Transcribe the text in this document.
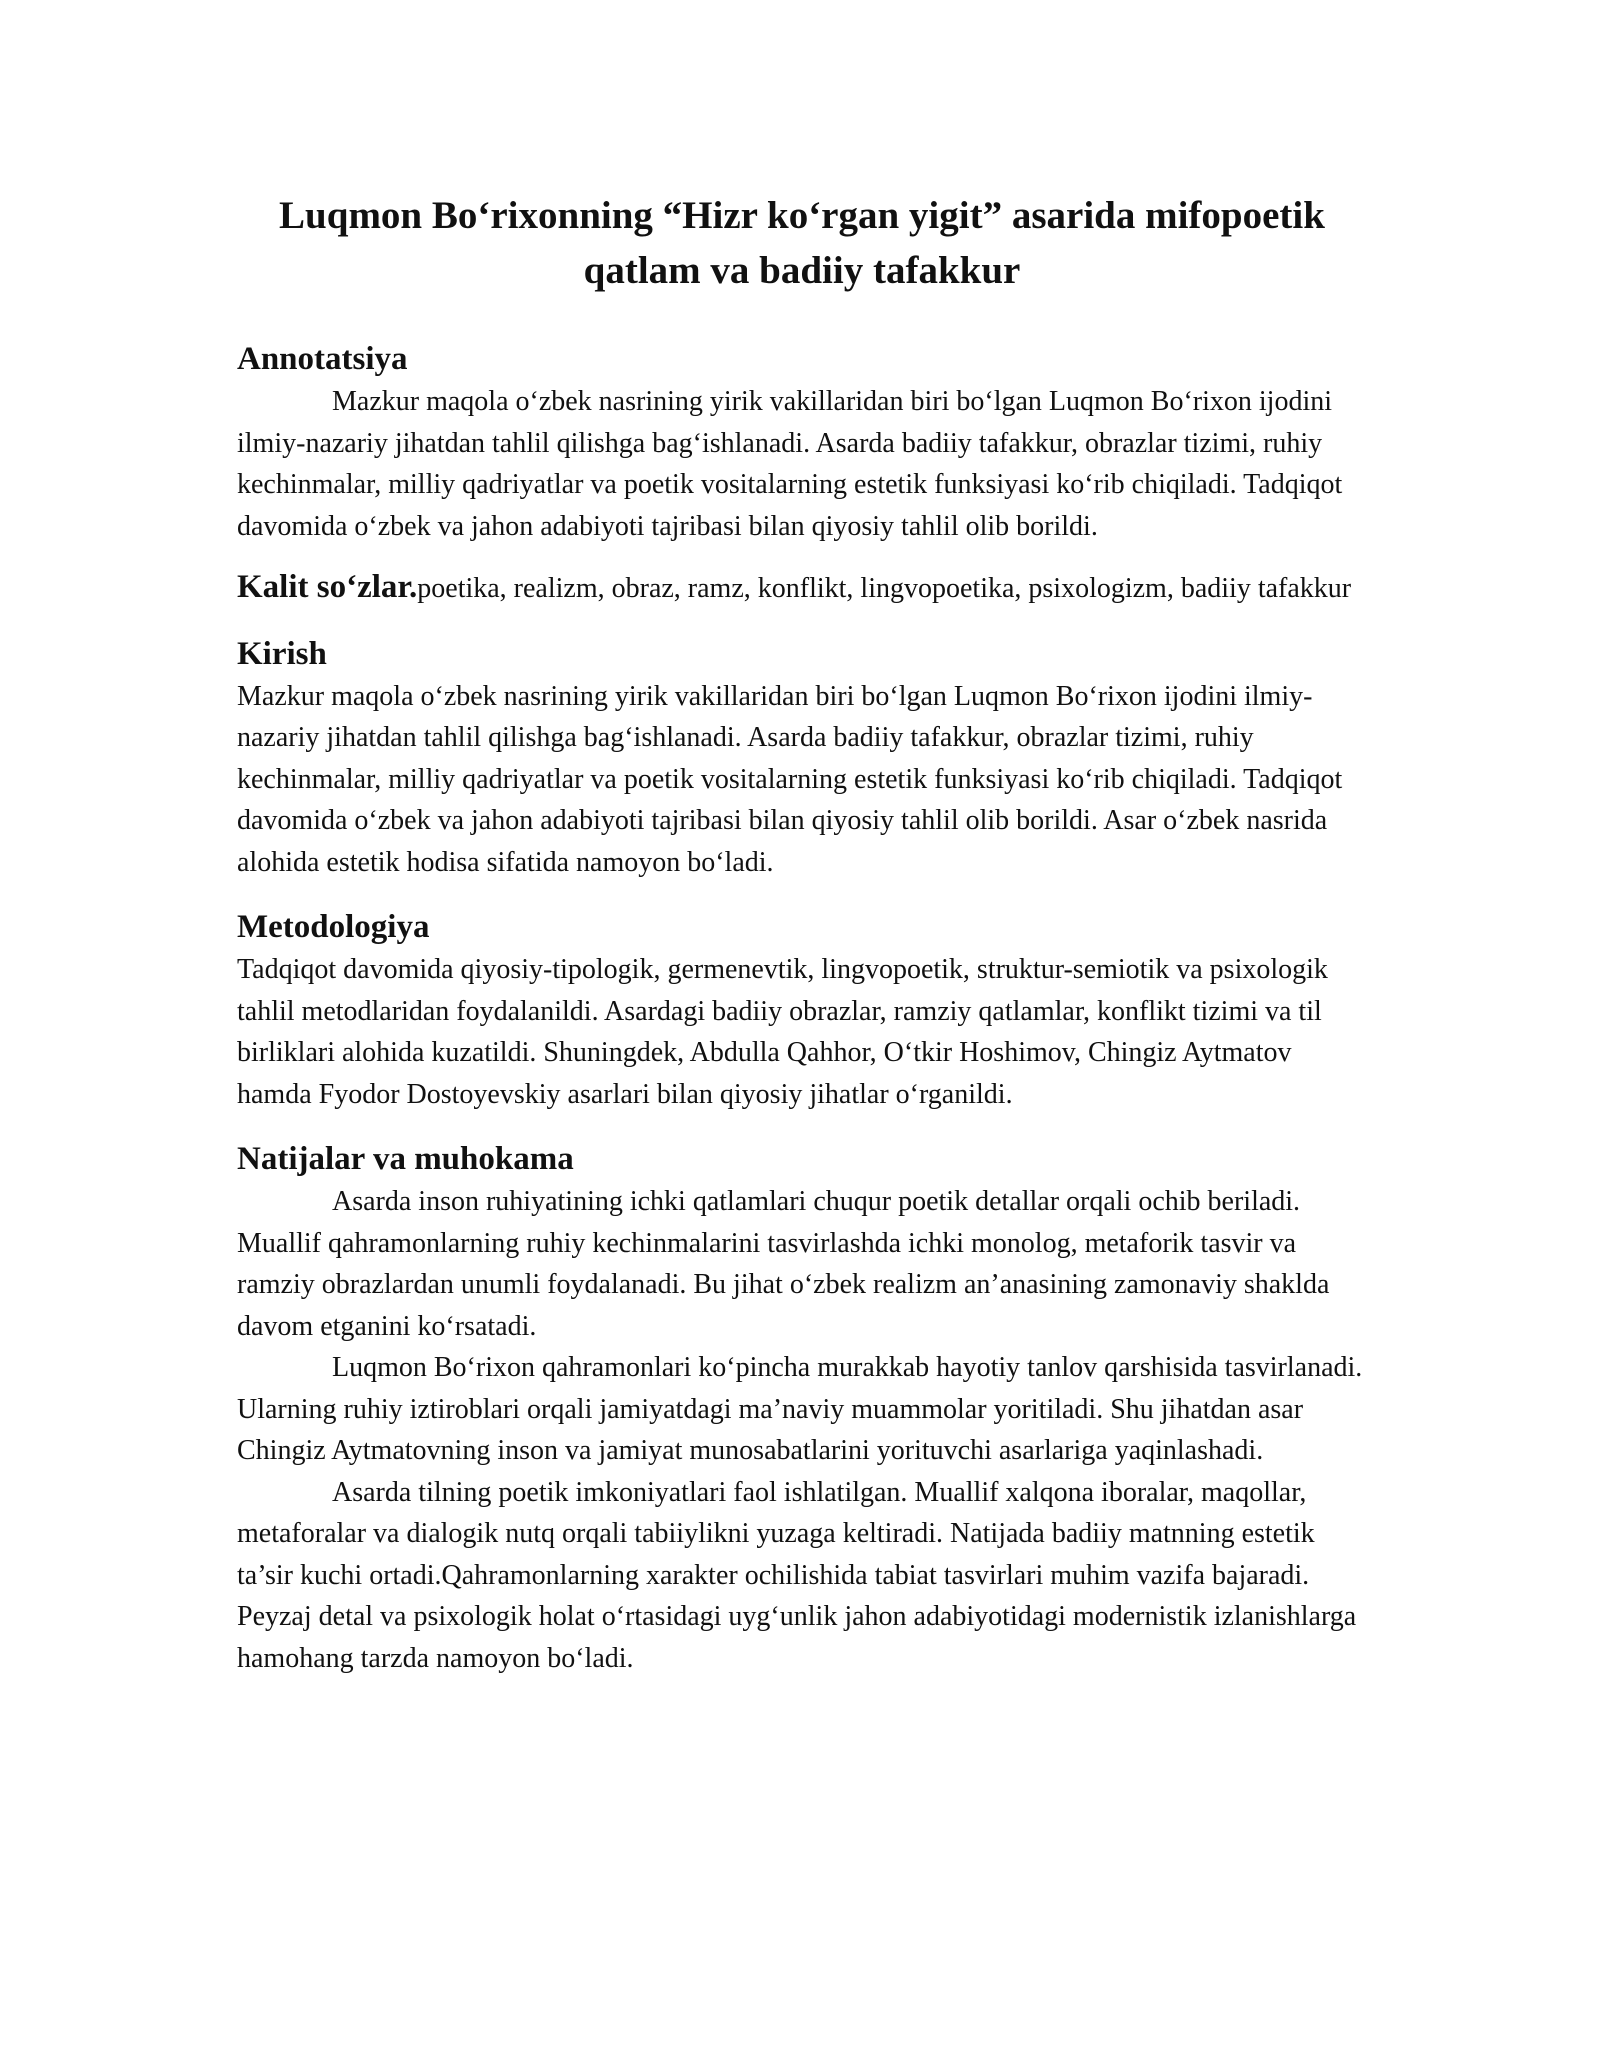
Luqmon Bo‘rixonning “Hizr ko‘rgan yigit” asarida mifopoetik qatlam va badiiy tafakkur
Annotatsiya

Mazkur maqola o‘zbek nasrining yirik vakillaridan biri bo‘lgan Luqmon Bo‘rixon ijodini ilmiy-nazariy jihatdan tahlil qilishga bag‘ishlanadi. Asarda badiiy tafakkur, obrazlar tizimi, ruhiy kechinmalar, milliy qadriyatlar va poetik vositalarning estetik funksiyasi ko‘rib chiqiladi. Tadqiqot davomida o‘zbek va jahon adabiyoti tajribasi bilan qiyosiy tahlil olib borildi.

Kalit so‘zlar.poetika, realizm, obraz, ramz, konflikt, lingvopoetika, psixologizm, badiiy tafakkur

Kirish

Mazkur maqola o‘zbek nasrining yirik vakillaridan biri bo‘lgan Luqmon Bo‘rixon ijodini ilmiy-nazariy jihatdan tahlil qilishga bag‘ishlanadi. Asarda badiiy tafakkur, obrazlar tizimi, ruhiy kechinmalar, milliy qadriyatlar va poetik vositalarning estetik funksiyasi ko‘rib chiqiladi. Tadqiqot davomida o‘zbek va jahon adabiyoti tajribasi bilan qiyosiy tahlil olib borildi. Asar o‘zbek nasrida alohida estetik hodisa sifatida namoyon bo‘ladi.

Metodologiya

Tadqiqot davomida qiyosiy-tipologik, germenevtik, lingvopoetik, struktur-semiotik va psixologik tahlil metodlaridan foydalanildi. Asardagi badiiy obrazlar, ramziy qatlamlar, konflikt tizimi va til birliklari alohida kuzatildi. Shuningdek, Abdulla Qahhor, O‘tkir Hoshimov, Chingiz Aytmatov hamda Fyodor Dostoyevskiy asarlari bilan qiyosiy jihatlar o‘rganildi.

Natijalar va muhokama

Asarda inson ruhiyatining ichki qatlamlari chuqur poetik detallar orqali ochib beriladi. Muallif qahramonlarning ruhiy kechinmalarini tasvirlashda ichki monolog, metaforik tasvir va ramziy obrazlardan unumli foydalanadi. Bu jihat o‘zbek realizm an’anasining zamonaviy shaklda davom etganini ko‘rsatadi.

Luqmon Bo‘rixon qahramonlari ko‘pincha murakkab hayotiy tanlov qarshisida tasvirlanadi. Ularning ruhiy iztiroblari orqali jamiyatdagi ma’naviy muammolar yoritiladi. Shu jihatdan asar Chingiz Aytmatovning inson va jamiyat munosabatlarini yorituvchi asarlariga yaqinlashadi.

Asarda tilning poetik imkoniyatlari faol ishlatilgan. Muallif xalqona iboralar, maqollar, metaforalar va dialogik nutq orqali tabiiylikni yuzaga keltiradi. Natijada badiiy matnning estetik ta’sir kuchi ortadi.Qahramonlarning xarakter ochilishida tabiat tasvirlari muhim vazifa bajaradi. Peyzaj detal va psixologik holat o‘rtasidagi uyg‘unlik jahon adabiyotidagi modernistik izlanishlarga hamohang tarzda namoyon bo‘ladi.
